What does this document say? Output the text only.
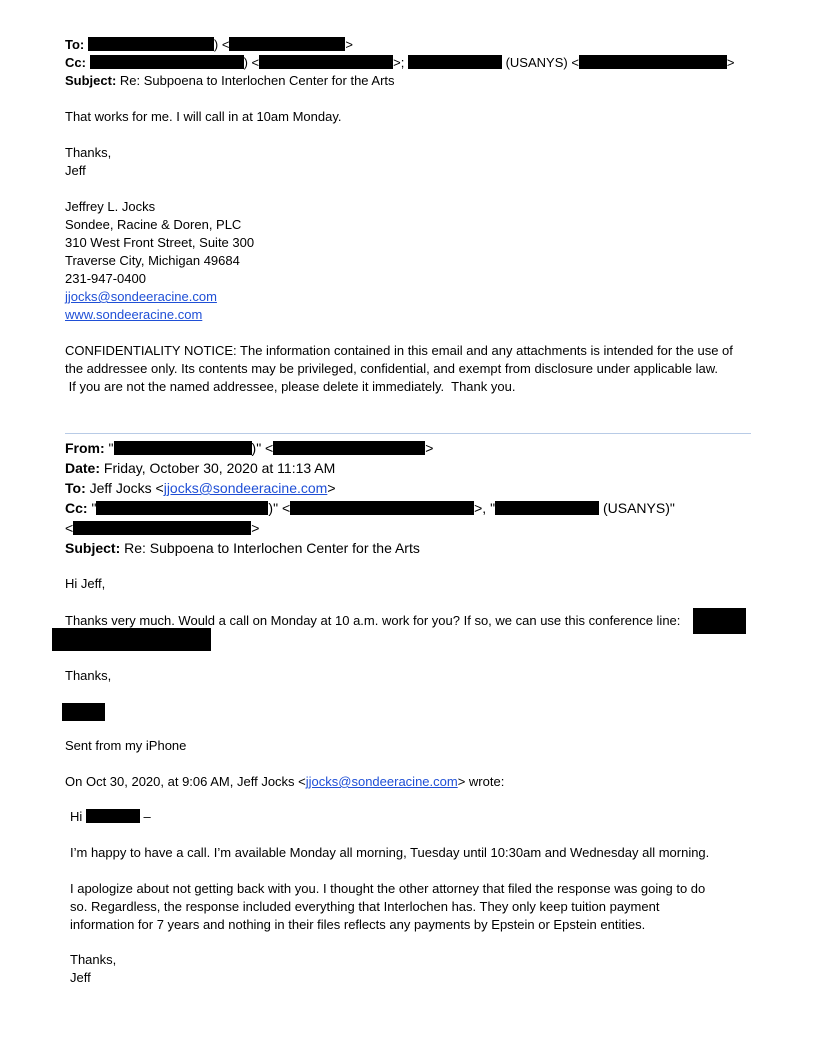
To:	) <	>
Cc:	) <	>;	(USANYS) <	>
Subject: Re: Subpoena to Interlochen Center for the Arts
That works for me. I will call in at 10am Monday.
Thanks,
Jeff
Jeffrey L. Jocks
Sondee, Racine & Doren, PLC
310 West Front Street, Suite 300
Traverse City, Michigan 49684
231-947-0400
jjocks@sondeeracine.com
www.sondeeracine.com
CONFIDENTIALITY NOTICE: The information contained in this email and any attachments is intended for the use of
the addressee only. Its contents may be privileged, confidential, and exempt from disclosure under applicable law.
If you are not the named addressee, please delete it immediately.  Thank you.
From: "	)" <	>
Date: Friday, October 30, 2020 at 11:13 AM
To: Jeff Jocks <jjocks@sondeeracine.com>
Cc: "	)" <	>, "	(USANYS)"
<	>
Subject: Re: Subpoena to Interlochen Center for the Arts
Hi Jeff,
Thanks very much. Would a call on Monday at 10 a.m. work for you? If so, we can use this conference line:
Thanks,
Sent from my iPhone
On Oct 30, 2020, at 9:06 AM, Jeff Jocks <jjocks@sondeeracine.com> wrote:
Hi	–
I’m happy to have a call. I’m available Monday all morning, Tuesday until 10:30am and Wednesday all morning.
I apologize about not getting back with you. I thought the other attorney that filed the response was going to do
so. Regardless, the response included everything that Interlochen has. They only keep tuition payment
information for 7 years and nothing in their files reflects any payments by Epstein or Epstein entities.
Thanks,
Jeff
